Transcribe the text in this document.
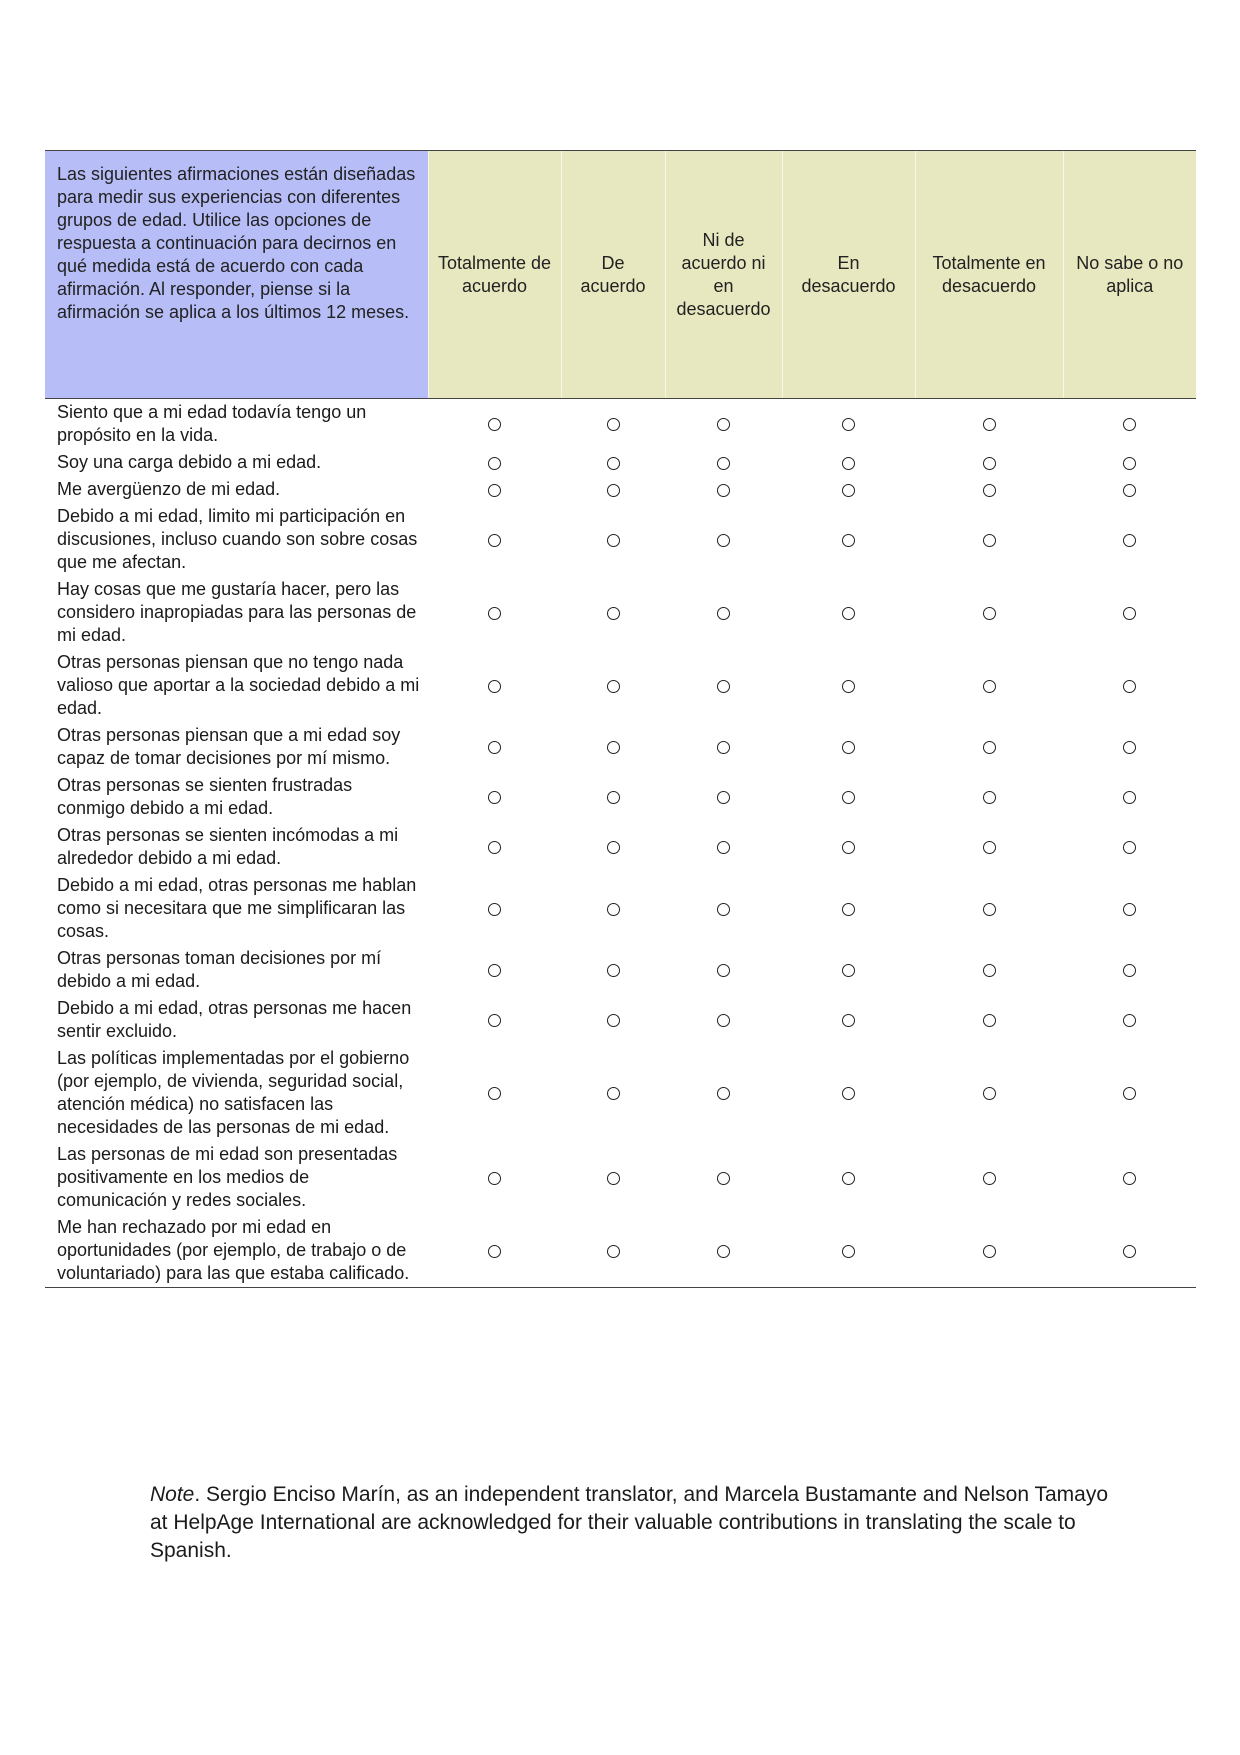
Las siguientes afirmaciones están diseñadas para medir sus experiencias con diferentes grupos de edad. Utilice las opciones de respuesta a continuación para decirnos en qué medida está de acuerdo con cada afirmación. Al responder, piense si la afirmación se aplica a los últimos 12 meses.	Totalmente de acuerdo	De acuerdo	Ni de acuerdo ni en desacuerdo	En desacuerdo	Totalmente en desacuerdo	No sabe o no aplica
Siento que a mi edad todavía tengo un propósito en la vida.						
Soy una carga debido a mi edad.						
Me avergüenzo de mi edad.						
Debido a mi edad, limito mi participación en discusiones, incluso cuando son sobre cosas que me afectan.						
Hay cosas que me gustaría hacer, pero las considero inapropiadas para las personas de mi edad.						
Otras personas piensan que no tengo nada valioso que aportar a la sociedad debido a mi edad.						
Otras personas piensan que a mi edad soy capaz de tomar decisiones por mí mismo.						
Otras personas se sienten frustradas conmigo debido a mi edad.						
Otras personas se sienten incómodas a mi alrededor debido a mi edad.						
Debido a mi edad, otras personas me hablan como si necesitara que me simplificaran las cosas.						
Otras personas toman decisiones por mí debido a mi edad.						
Debido a mi edad, otras personas me hacen sentir excluido.						
Las políticas implementadas por el gobierno (por ejemplo, de vivienda, seguridad social, atención médica) no satisfacen las necesidades de las personas de mi edad.						
Las personas de mi edad son presentadas positivamente en los medios de comunicación y redes sociales.						
Me han rechazado por mi edad en oportunidades (por ejemplo, de trabajo o de voluntariado) para las que estaba calificado.						
Note. Sergio Enciso Marín, as an independent translator, and Marcela Bustamante and Nelson Tamayo at HelpAge International are acknowledged for their valuable contributions in translating the scale to Spanish.
